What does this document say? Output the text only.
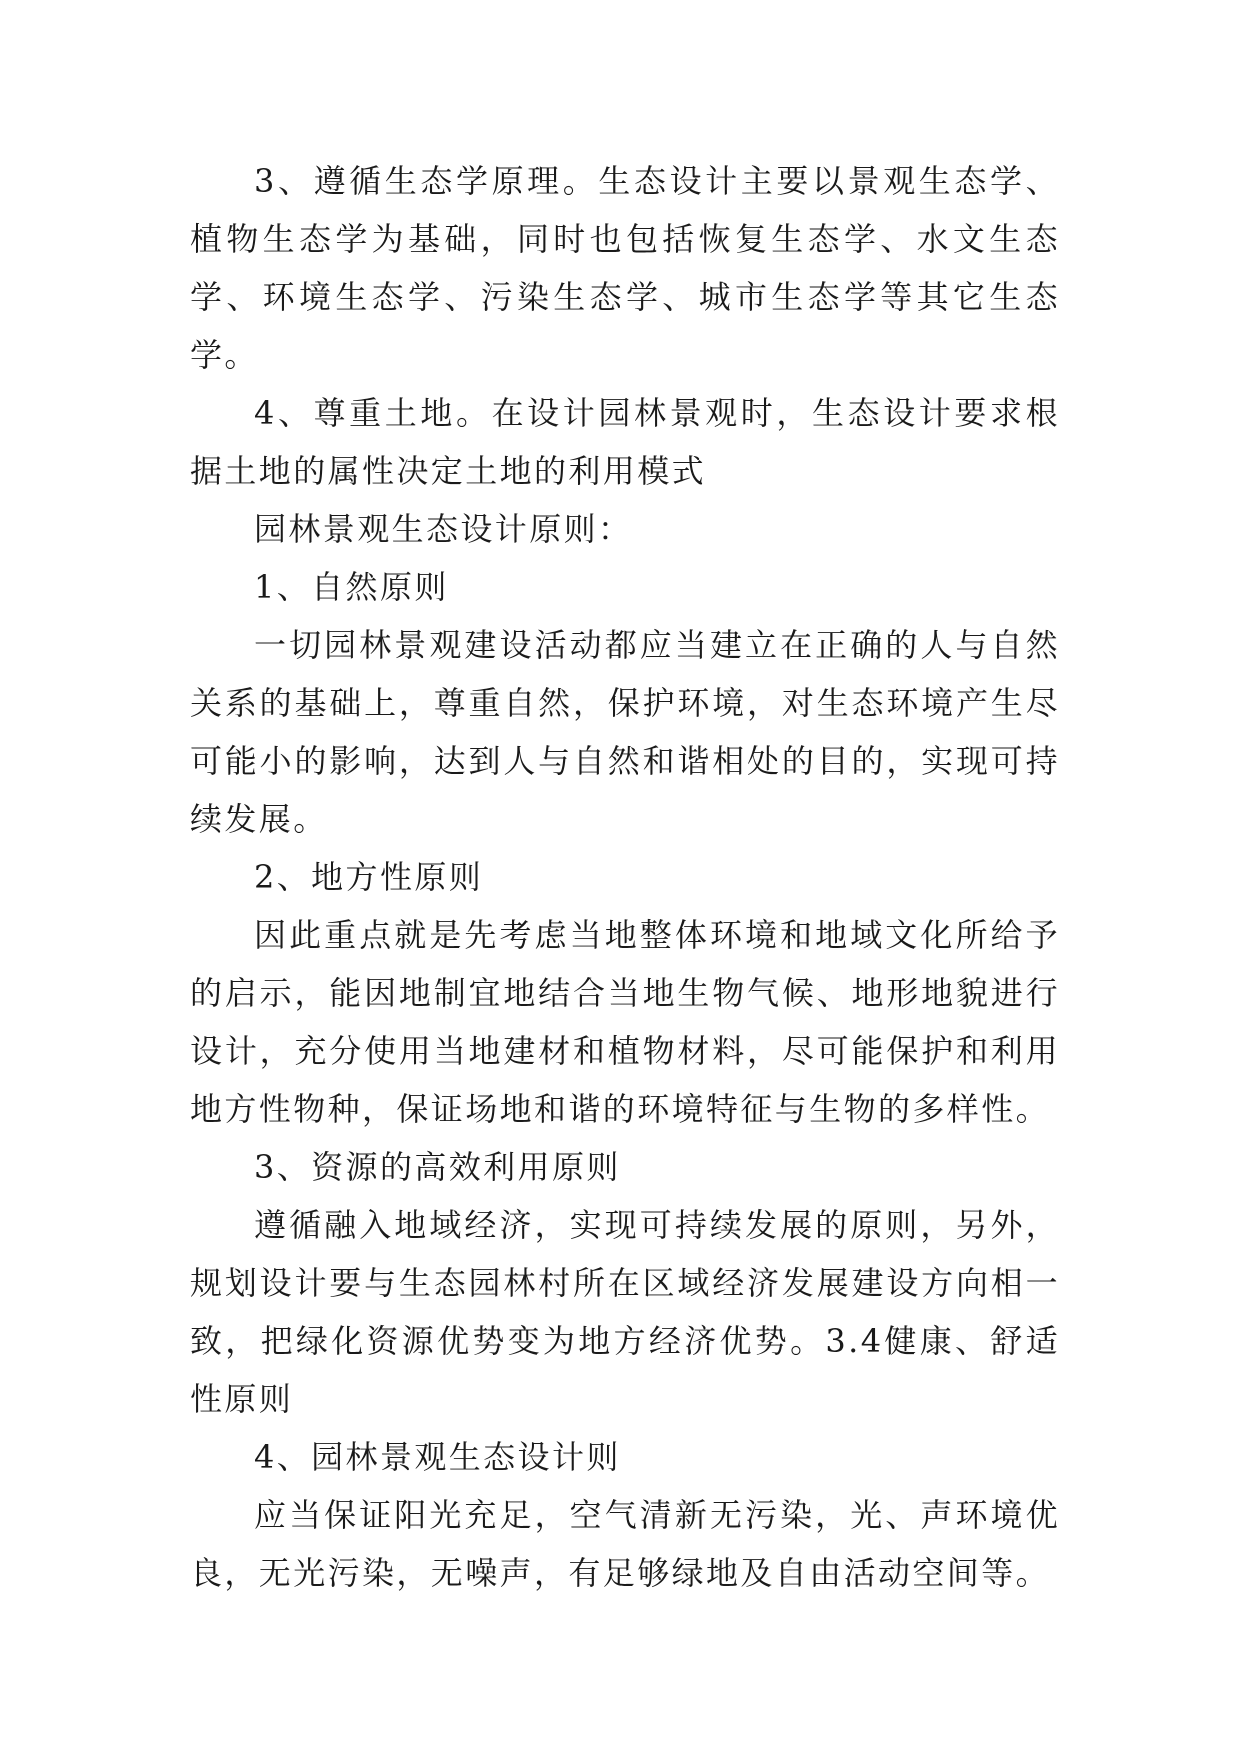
3、遵循生态学原理。生态设计主要以景观生态学、植物生态学为基础，同时也包括恢复生态学、水文生态学、环境生态学、污染生态学、城市生态学等其它生态学。

4、尊重土地。在设计园林景观时，生态设计要求根据土地的属性决定土地的利用模式

园林景观生态设计原则：

1、自然原则

一切园林景观建设活动都应当建立在正确的人与自然关系的基础上，尊重自然，保护环境，对生态环境产生尽可能小的影响，达到人与自然和谐相处的目的，实现可持续发展。

2、地方性原则

因此重点就是先考虑当地整体环境和地域文化所给予的启示，能因地制宜地结合当地生物气候、地形地貌进行设计，充分使用当地建材和植物材料，尽可能保护和利用地方性物种，保证场地和谐的环境特征与生物的多样性。

3、资源的高效利用原则

遵循融入地域经济，实现可持续发展的原则，另外，规划设计要与生态园林村所在区域经济发展建设方向相一致，把绿化资源优势变为地方经济优势。3.4健康、舒适性原则

4、园林景观生态设计则

应当保证阳光充足，空气清新无污染，光、声环境优良，无光污染，无噪声，有足够绿地及自由活动空间等。
